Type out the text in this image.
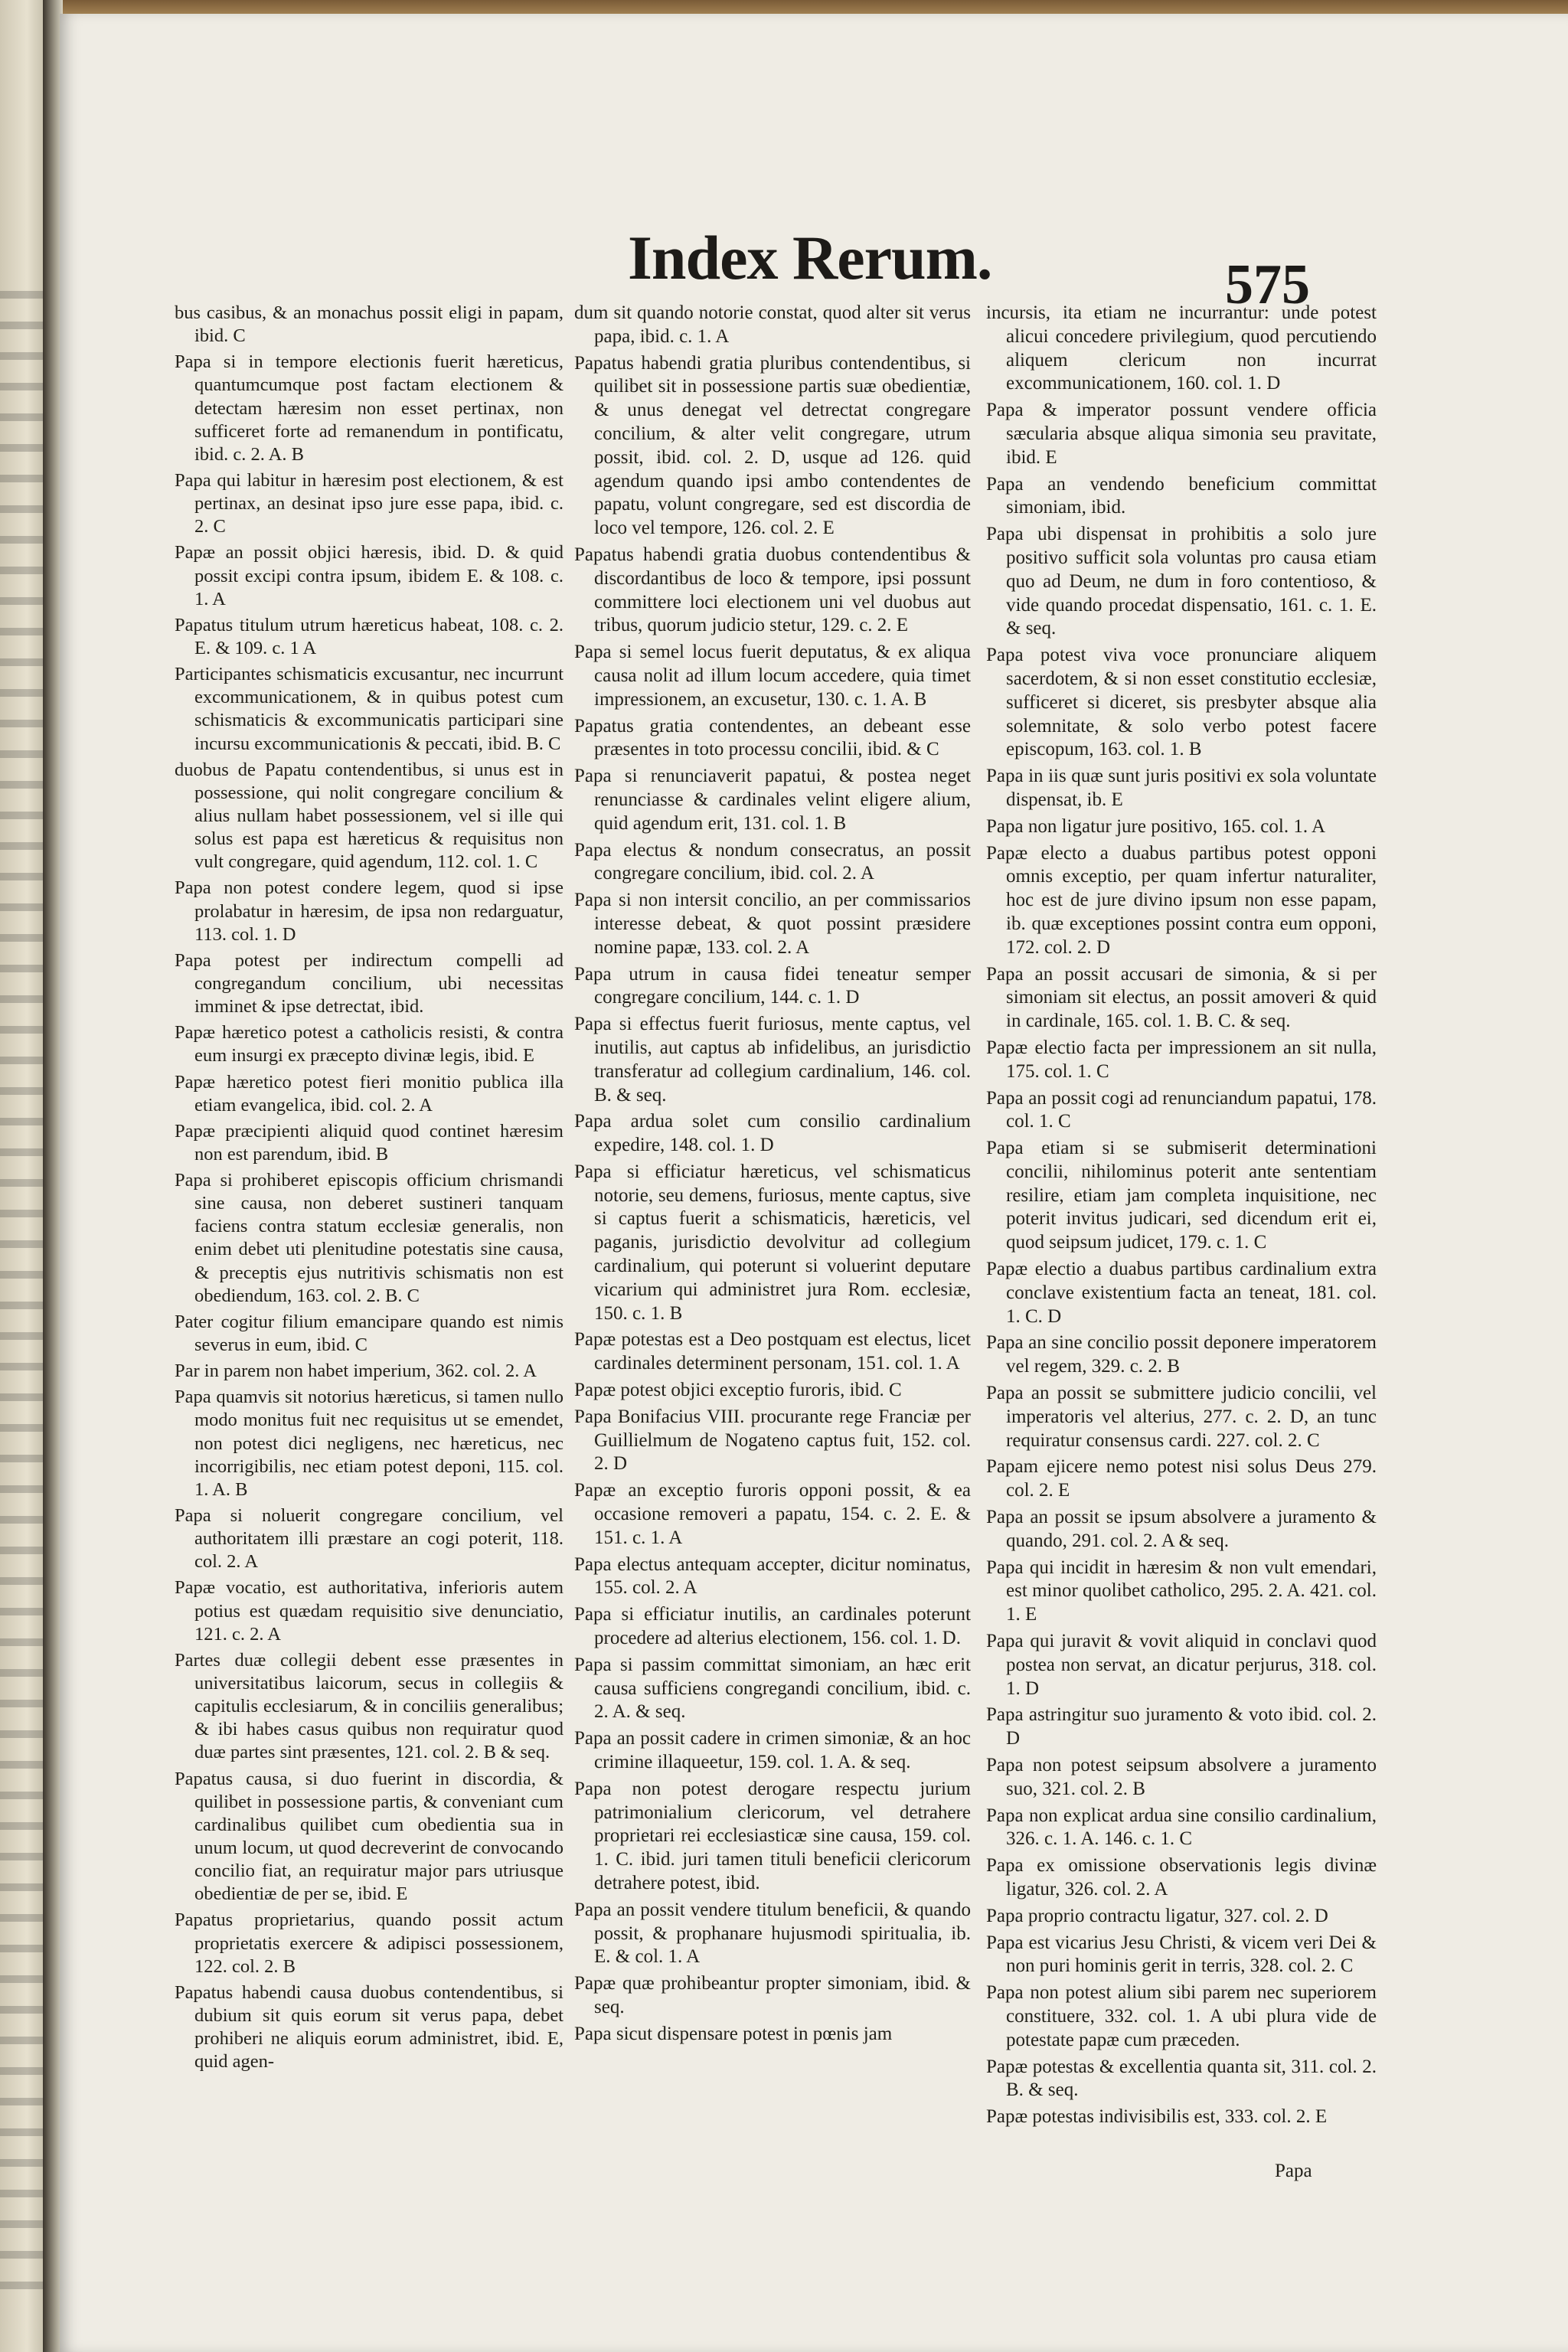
Index Rerum.	575

bus casibus, & an monachus possit eligi in papam, ibid. C

Papa si in tempore electionis fuerit hæreticus, quantumcumque post factam electionem & detectam hæresim non esset pertinax, non sufficeret forte ad remanendum in pontificatu, ibid. c. 2. A. B

Papa qui labitur in hæresim post electionem, & est pertinax, an desinat ipso jure esse papa, ibid. c. 2. C

Papæ an possit objici hæresis, ibid. D. & quid possit excipi contra ipsum, ibidem E. & 108. c. 1. A

Papatus titulum utrum hæreticus habeat, 108. c. 2. E. & 109. c. 1 A

Participantes schismaticis excusantur, nec incurrunt excommunicationem, & in quibus potest cum schismaticis & excommunicatis participari sine incursu excommunicationis & peccati, ibid. B. C

duobus de Papatu contendentibus, si unus est in possessione, qui nolit congregare concilium & alius nullam habet possessionem, vel si ille qui solus est papa est hæreticus & requisitus non vult congregare, quid agendum, 112. col. 1. C

Papa non potest condere legem, quod si ipse prolabatur in hæresim, de ipsa non redarguatur, 113. col. 1. D

Papa potest per indirectum compelli ad congregandum concilium, ubi necessitas imminet & ipse detrectat, ibid.

Papæ hæretico potest a catholicis resisti, & contra eum insurgi ex præcepto divinæ legis, ibid. E

Papæ hæretico potest fieri monitio publica illa etiam evangelica, ibid. col. 2. A

Papæ præcipienti aliquid quod continet hæresim non est parendum, ibid. B

Papa si prohiberet episcopis officium chrismandi sine causa, non deberet sustineri tanquam faciens contra statum ecclesiæ generalis, non enim debet uti plenitudine potestatis sine causa, & preceptis ejus nutritivis schismatis non est obediendum, 163. col. 2. B. C

Pater cogitur filium emancipare quando est nimis severus in eum, ibid. C

Par in parem non habet imperium, 362. col. 2. A

Papa quamvis sit notorius hæreticus, si tamen nullo modo monitus fuit nec requisitus ut se emendet, non potest dici negligens, nec hæreticus, nec incorrigibilis, nec etiam potest deponi, 115. col. 1. A. B

Papa si noluerit congregare concilium, vel authoritatem illi præstare an cogi poterit, 118. col. 2. A

Papæ vocatio, est authoritativa, inferioris autem potius est quædam requisitio sive denunciatio, 121. c. 2. A

Partes duæ collegii debent esse præsentes in universitatibus laicorum, secus in collegiis & capitulis ecclesiarum, & in conciliis generalibus; & ibi habes casus quibus non requiratur quod duæ partes sint præsentes, 121. col. 2. B & seq.

Papatus causa, si duo fuerint in discordia, & quilibet in possessione partis, & conveniant cum cardinalibus quilibet cum obedientia sua in unum locum, ut quod decreverint de convocando concilio fiat, an requiratur major pars utriusque obedientiæ de per se, ibid. E

Papatus proprietarius, quando possit actum proprietatis exercere & adipisci possessionem, 122. col. 2. B

Papatus habendi causa duobus contendentibus, si dubium sit quis eorum sit verus papa, debet prohiberi ne aliquis eorum administret, ibid. E, quid agen-

dum sit quando notorie constat, quod alter sit verus papa, ibid. c. 1. A

Papatus habendi gratia pluribus contendentibus, si quilibet sit in possessione partis suæ obedientiæ, & unus denegat vel detrectat congregare concilium, & alter velit congregare, utrum possit, ibid. col. 2. D, usque ad 126. quid agendum quando ipsi ambo contendentes de papatu, volunt congregare, sed est discordia de loco vel tempore, 126. col. 2. E

Papatus habendi gratia duobus contendentibus & discordantibus de loco & tempore, ipsi possunt committere loci electionem uni vel duobus aut tribus, quorum judicio stetur, 129. c. 2. E

Papa si semel locus fuerit deputatus, & ex aliqua causa nolit ad illum locum accedere, quia timet impressionem, an excusetur, 130. c. 1. A. B

Papatus gratia contendentes, an debeant esse præsentes in toto processu concilii, ibid. & C

Papa si renunciaverit papatui, & postea neget renunciasse & cardinales velint eligere alium, quid agendum erit, 131. col. 1. B

Papa electus & nondum consecratus, an possit congregare concilium, ibid. col. 2. A

Papa si non intersit concilio, an per commissarios interesse debeat, & quot possint præsidere nomine papæ, 133. col. 2. A

Papa utrum in causa fidei teneatur semper congregare concilium, 144. c. 1. D

Papa si effectus fuerit furiosus, mente captus, vel inutilis, aut captus ab infidelibus, an jurisdictio transferatur ad collegium cardinalium, 146. col. B. & seq.

Papa ardua solet cum consilio cardinalium expedire, 148. col. 1. D

Papa si efficiatur hæreticus, vel schismaticus notorie, seu demens, furiosus, mente captus, sive si captus fuerit a schismaticis, hæreticis, vel paganis, jurisdictio devolvitur ad collegium cardinalium, qui poterunt si voluerint deputare vicarium qui administret jura Rom. ecclesiæ, 150. c. 1. B

Papæ potestas est a Deo postquam est electus, licet cardinales determinent personam, 151. col. 1. A

Papæ potest objici exceptio furoris, ibid. C

Papa Bonifacius VIII. procurante rege Franciæ per Guillielmum de Nogateno captus fuit, 152. col. 2. D

Papæ an exceptio furoris opponi possit, & ea occasione removeri a papatu, 154. c. 2. E. & 151. c. 1. A

Papa electus antequam accepter, dicitur nominatus, 155. col. 2. A

Papa si efficiatur inutilis, an cardinales poterunt procedere ad alterius electionem, 156. col. 1. D.

Papa si passim committat simoniam, an hæc erit causa sufficiens congregandi concilium, ibid. c. 2. A. & seq.

Papa an possit cadere in crimen simoniæ, & an hoc crimine illaqueetur, 159. col. 1. A. & seq.

Papa non potest derogare respectu jurium patrimonialium clericorum, vel detrahere proprietari rei ecclesiasticæ sine causa, 159. col. 1. C. ibid. juri tamen tituli beneficii clericorum detrahere potest, ibid.

Papa an possit vendere titulum beneficii, & quando possit, & prophanare hujusmodi spiritualia, ib. E. & col. 1. A

Papæ quæ prohibeantur propter simoniam, ibid. & seq.

Papa sicut dispensare potest in pœnis jam

incursis, ita etiam ne incurrantur: unde potest alicui concedere privilegium, quod percutiendo aliquem clericum non incurrat excommunicationem, 160. col. 1. D

Papa & imperator possunt vendere officia sæcularia absque aliqua simonia seu pravitate, ibid. E

Papa an vendendo beneficium committat simoniam, ibid.

Papa ubi dispensat in prohibitis a solo jure positivo sufficit sola voluntas pro causa etiam quo ad Deum, ne dum in foro contentioso, & vide quando procedat dispensatio, 161. c. 1. E. & seq.

Papa potest viva voce pronunciare aliquem sacerdotem, & si non esset constitutio ecclesiæ, sufficeret si diceret, sis presbyter absque alia solemnitate, & solo verbo potest facere episcopum, 163. col. 1. B

Papa in iis quæ sunt juris positivi ex sola voluntate dispensat, ib. E

Papa non ligatur jure positivo, 165. col. 1. A

Papæ electo a duabus partibus potest opponi omnis exceptio, per quam infertur naturaliter, hoc est de jure divino ipsum non esse papam, ib. quæ exceptiones possint contra eum opponi, 172. col. 2. D

Papa an possit accusari de simonia, & si per simoniam sit electus, an possit amoveri & quid in cardinale, 165. col. 1. B. C. & seq.

Papæ electio facta per impressionem an sit nulla, 175. col. 1. C

Papa an possit cogi ad renunciandum papatui, 178. col. 1. C

Papa etiam si se submiserit determinationi concilii, nihilominus poterit ante sententiam resilire, etiam jam completa inquisitione, nec poterit invitus judicari, sed dicendum erit ei, quod seipsum judicet, 179. c. 1. C

Papæ electio a duabus partibus cardinalium extra conclave existentium facta an teneat, 181. col. 1. C. D

Papa an sine concilio possit deponere imperatorem vel regem, 329. c. 2. B

Papa an possit se submittere judicio concilii, vel imperatoris vel alterius, 277. c. 2. D, an tunc requiratur consensus cardi. 227. col. 2. C

Papam ejicere nemo potest nisi solus Deus 279. col. 2. E

Papa an possit se ipsum absolvere a juramento & quando, 291. col. 2. A & seq.

Papa qui incidit in hæresim & non vult emendari, est minor quolibet catholico, 295. 2. A. 421. col. 1. E

Papa qui juravit & vovit aliquid in conclavi quod postea non servat, an dicatur perjurus, 318. col. 1. D

Papa astringitur suo juramento & voto ibid. col. 2. D

Papa non potest seipsum absolvere a juramento suo, 321. col. 2. B

Papa non explicat ardua sine consilio cardinalium, 326. c. 1. A. 146. c. 1. C

Papa ex omissione observationis legis divinæ ligatur, 326. col. 2. A

Papa proprio contractu ligatur, 327. col. 2. D

Papa est vicarius Jesu Christi, & vicem veri Dei & non puri hominis gerit in terris, 328. col. 2. C

Papa non potest alium sibi parem nec superiorem constituere, 332. col. 1. A ubi plura vide de potestate papæ cum præceden.

Papæ potestas & excellentia quanta sit, 311. col. 2. B. & seq.

Papæ potestas indivisibilis est, 333. col. 2. E

Papa
